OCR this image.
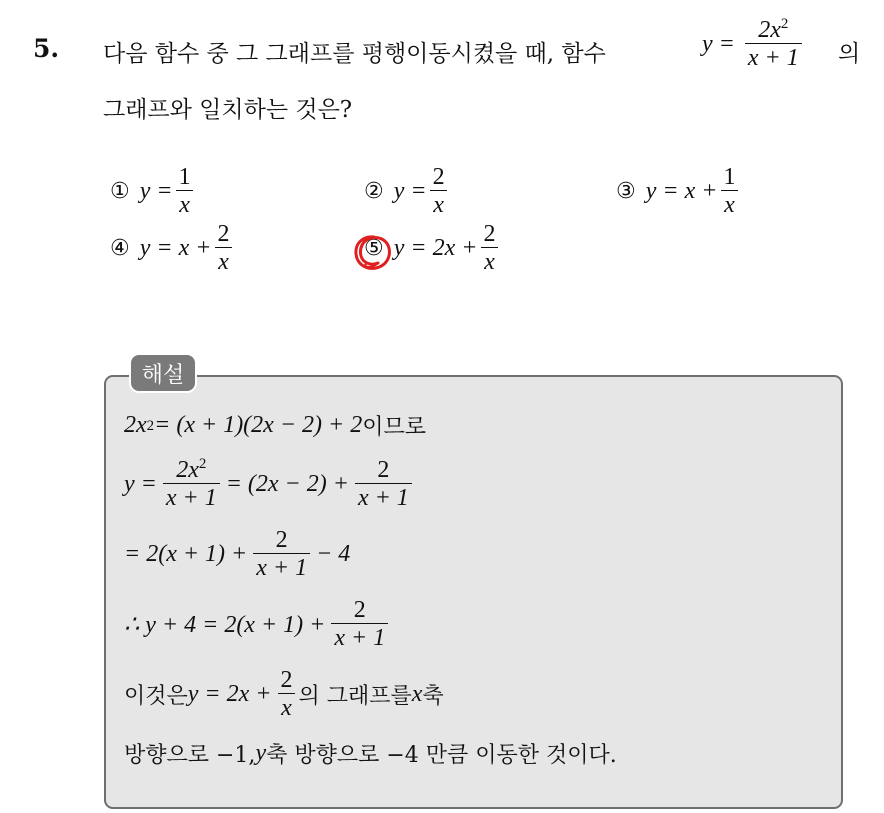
5. 다음 함수 중 그 그래프를 평행이동시켰을 때, 함수	$y = \frac{2x^2}{x + 1}$ 의
그래프와 일치하는 것은?
① $y = \frac{1}{x}$	② $y = \frac{2}{x}$	③ $y = x + \frac{1}{x}$
④ $y = x + \frac{2}{x}$	⑤ $y = 2x + \frac{2}{x}$
해설
2x 2 = (x + 1)(2x − 2) + 2 이므로
$y = \frac{2x^2}{x + 1} = (2x - 2) + \frac{2}{x + 1}$
= $2(x + 1) + \frac{2}{x + 1} - 4$
∴ $y + 4 = 2(x + 1) + \frac{2}{x + 1}$
이것은 $y = 2x + \frac{2}{x}$ 의 그래프를 x 축
방향으로 −1, y 축 방향으로 −4 만큼 이동한 것이다.
